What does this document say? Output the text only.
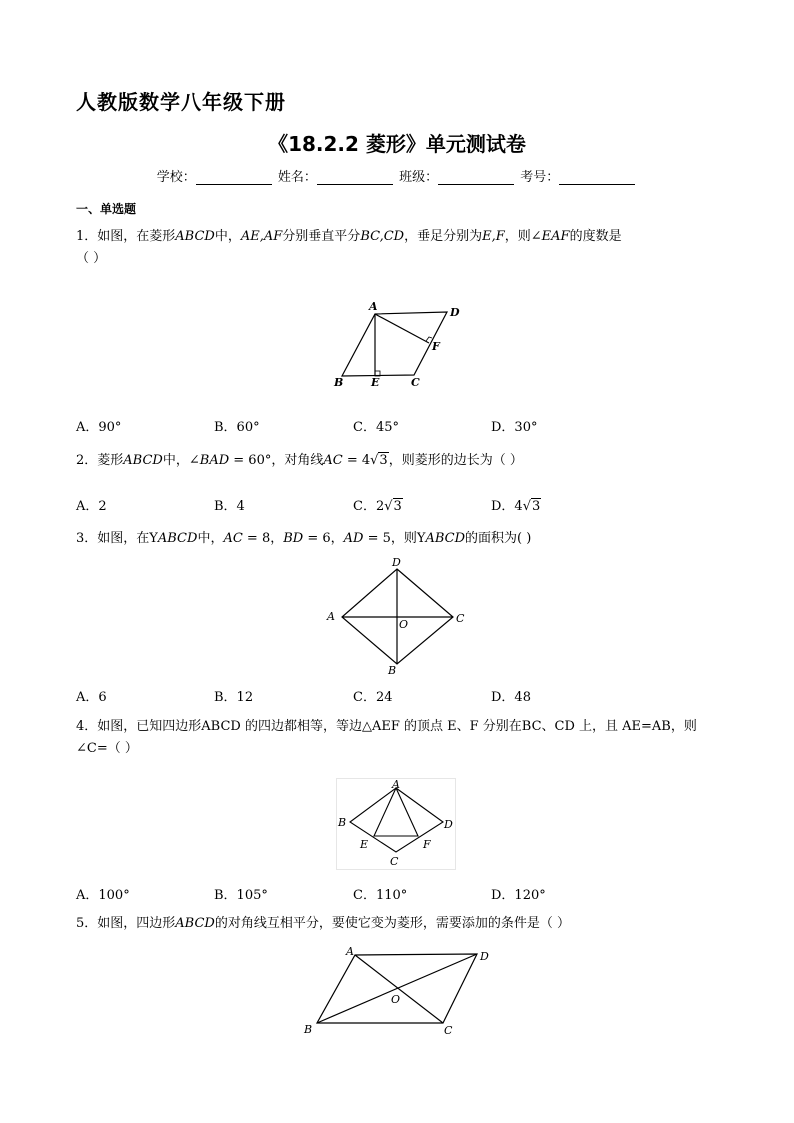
人教版数学八年级下册
《18.2.2 菱形》单元测试卷
学校：	姓名：	班级：	考号：
一、单选题
1．如图，在菱形ABCD中，AE,AF分别垂直平分BC,CD，垂足分别为E,F，则∠EAF的度数是
（ ）
A	D
F
B	E	C
A．90°	B．60°	C．45°	D．30°
2．菱形ABCD中，∠BAD = 60°，对角线AC = 4√3，则菱形的边长为（ ）
A．2	B．4	C．2√3	D．4√3
3．如图，在YABCD中，AC = 8，BD = 6，AD = 5，则YABCD的面积为( )
D
A
O	C
B
A．6	B．12	C．24	D．48
4．如图，已知四边形ABCD 的四边都相等，等边△AEF 的顶点 E、F 分别在BC、CD 上，且 AE=AB，则
∠C=（ ）
A
B	D
E	F
C
A．100°	B．105°	C．110°	D．120°
5．如图，四边形ABCD的对角线互相平分，要使它变为菱形，需要添加的条件是（ ）
A	D
O
B	C
